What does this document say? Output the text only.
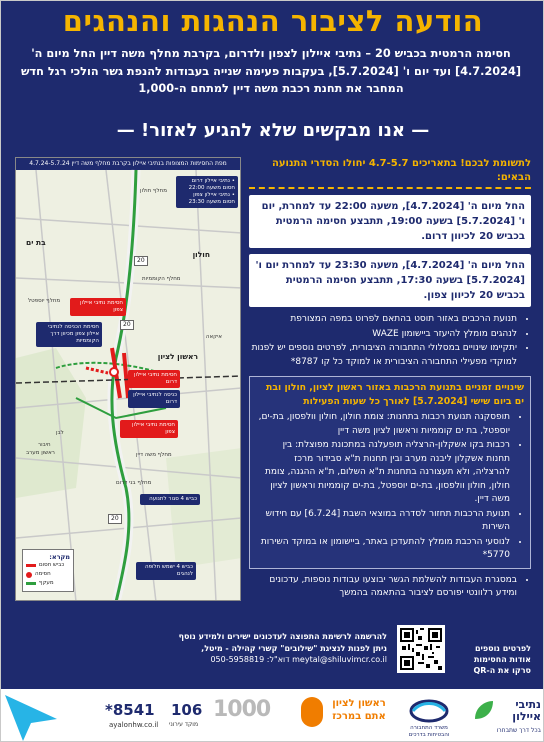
הודעה לציבור הנהגות והנהגים
חסימה הרמטית בכביש 20 – נתיבי איילון לצפון ולדרום, בקרבת מחלף משה דיין החל מיום ה' [4.7.2024] ועד יום ו' [5.7.2024], בעקבות פעימה שנייה בעבודות להנפת גשר הולכי רגל חדש המחבר את תחנת רכבת משה דיין למתחם ה-1,000
— אנו מבקשים שלא להגיע לאזור! —
מפת החסימות המצופות בנתיבי איילון בקרבת מחלף משה דיין 4.7.24-5.7.24
חולון
בת ים
ראשון לציון
מחלף חולון
מחלף הקוממיות
מחלף משה דיין
מחלף בני דרום
מחלף יוספטל
איקאה
ראשון מערב
לבן
חיבור
20
20
20
• נתיבי איילון דרום
חסום משעה 22:00
• נתיבי איילון צפון
חסום משעה 23:30
חסימת נתיבי איילון צפון
חסימת הכניסה לנתיבי איילון צפון מכיוון דרך הקוממיות
חסימת נתיבי איילון דרום
כניסה לנתיבי איילון דרום
חסימת נתיבי איילון צפון
כביש 4 סגור לתנועה
כביש 4 ישמש חלופה לנהגים
מקרא:
כביש חסום
חסימה
מעקף
לתשומת לבכם! בתאריכים 4.7-5.7 יחולו הסדרי התנועה הבאים:
החל מיום ה' [4.7.2024], משעה 22:00 עד למחרת, יום ו' [5.7.2024] בשעה 19:00, תתבצע חסימה הרמטית בכביש 20 לכיוון דרום.
החל מיום ה' [4.7.2024], משעה 23:30 עד למחרת יום ו' [5.7.2024] בשעה 17:30, תתבצע חסימה הרמטית בכביש 20 לכיוון צפון.
• תנועת הרכבים באזור תוסט בהתאם לפרוט במפה המצורפת
• לנהגים מומלץ להיעזר ביישומון WAZE
• יתקיימו שינויים במסלולי התחבורה הציבורית, לפרטים נוספים יש לפנות למוקדי מפעילי התחבורה הציבורית או למוקד כל קו 8787*
שינויים זמניים בתנועת הרכבות באזור ראשון לציון, חולון ובת ים ביום שישי [5.7.2024] לאורך כל שעות הפעילות
• תופסקנה תנועת רכבות בתחנות: צומת חולון, חולון וולפסון, בת-ים, יוספטל, בת ים קוממיות וראשון לציון משה דיין
• רכבות בקו אשקלון-הרצליה תופעלנה במתכונת מפוצלת: בין תחנות אשקלון ליבנה מערב ובין תחנות ת"א סבידור מרכז להרצליה, ולא תעצורנה בתחנות ת"א השלום, ת"א ההגנה, צומת חולון, חולון וולפסון, בת-ים יוספטל, בת-ים קוממיות וראשון לציון משה דיין.
• תנועת הרכבות תחזור לסדרה במוצאי השבת [6.7.24] עם חידוש השירות
• לנוסעי הרכבת מומלץ להתעדכן באתר, ביישומון או במוקד השירות 5770*
• במסגרת העבודות להשלמת הגשר יבוצעו עבודות נוספות, עדכונים ומידע רלוונטי יפורסם לציבור בהתאמה בהמשך
לפרטים נוספים אודות החסימות סרקו את ה-QR
להרשמה לרשימת התפוצה לעדכונים ישירים ולמידע נוסף
ניתן לפנות לנציגת "שילובים" קשרי קהילה - מיטל,
meytal@shiluvimcr.co.il דוא"ל: 050-5958819
*8541
ayalonhw.co.il
106
מוקד עירוני
1000	ראשון לציון אתם במרכז
משרד התחבורה והבטיחות בדרכים
נתיבי איילון
בכל דרך שתבחרו
